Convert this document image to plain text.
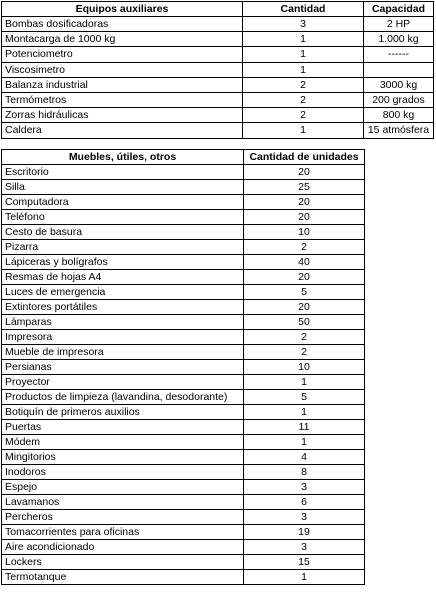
Equipos auxiliares	Cantidad	Capacidad
Bombas dosificadoras	3	2 HP
Montacarga de 1000 kg	1	1.000 kg
Potenciometro	1	------
Viscosimetro	1	
Balanza industrial	2	3000 kg
Termómetros	2	200 grados
Zorras hidráulicas	2	800 kg
Caldera	1	15 atmósfera
Muebles, útiles, otros	Cantidad de unidades
Escritorio	20
Silla	25
Computadora	20
Teléfono	20
Cesto de basura	10
Pizarra	2
Lápiceras y bolígrafos	40
Resmas de hojas A4	20
Luces de emergencia	5
Extintores portátiles	20
Lámparas	50
Impresora	2
Mueble de impresora	2
Persianas	10
Proyector	1
Productos de limpieza (lavandina, desodorante)	5
Botiquín de primeros auxilios	1
Puertas	11
Módem	1
Mingitorios	4
Inodoros	8
Espejo	3
Lavamanos	6
Percheros	3
Tomacorrientes para oficinas	19
Aire acondicionado	3
Lockers	15
Termotanque	1
